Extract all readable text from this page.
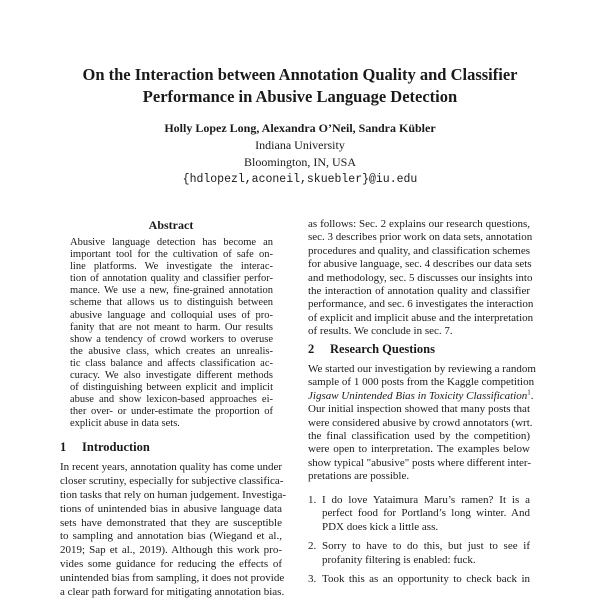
On the Interaction between Annotation Quality and Classifier
Performance in Abusive Language Detection
Holly Lopez Long, Alexandra O’Neil, Sandra Kübler
Indiana University
Bloomington, IN, USA
{hdlopezl,aconeil,skuebler}@iu.edu
Abstract
Abusive language detection has become an
important tool for the cultivation of safe on-
line platforms. We investigate the interac-
tion of annotation quality and classifier perfor-
mance. We use a new, fine-grained annotation
scheme that allows us to distinguish between
abusive language and colloquial uses of pro-
fanity that are not meant to harm. Our results
show a tendency of crowd workers to overuse
the abusive class, which creates an unrealis-
tic class balance and affects classification ac-
curacy. We also investigate different methods
of distinguishing between explicit and implicit
abuse and show lexicon-based approaches ei-
ther over- or under-estimate the proportion of
explicit abuse in data sets.
1 Introduction
In recent years, annotation quality has come under
closer scrutiny, especially for subjective classifica-
tion tasks that rely on human judgement. Investiga-
tions of unintended bias in abusive language data
sets have demonstrated that they are susceptible
to sampling and annotation bias (Wiegand et al.,
2019; Sap et al., 2019). Although this work pro-
vides some guidance for reducing the effects of
unintended bias from sampling, it does not provide
a clear path forward for mitigating annotation bias.
as follows: Sec. 2 explains our research questions,
sec. 3 describes prior work on data sets, annotation
procedures and quality, and classification schemes
for abusive language, sec. 4 describes our data sets
and methodology, sec. 5 discusses our insights into
the interaction of annotation quality and classifier
performance, and sec. 6 investigates the interaction
of explicit and implicit abuse and the interpretation
of results. We conclude in sec. 7.
2 Research Questions
We started our investigation by reviewing a random
sample of 1 000 posts from the Kaggle competition
Jigsaw Unintended Bias in Toxicity Classification$^1$.
Our initial inspection showed that many posts that
were considered abusive by crowd annotators (wrt.
the final classification used by the competition)
were open to interpretation. The examples below
show typical "abusive" posts where different inter-
pretations are possible.
1. I do love Yataimura Maru’s ramen? It is a
perfect food for Portland’s long winter. And
PDX does kick a little ass.
2. Sorry to have to do this, but just to see if
profanity filtering is enabled: fuck.
3. Took this as an opportunity to check back in
